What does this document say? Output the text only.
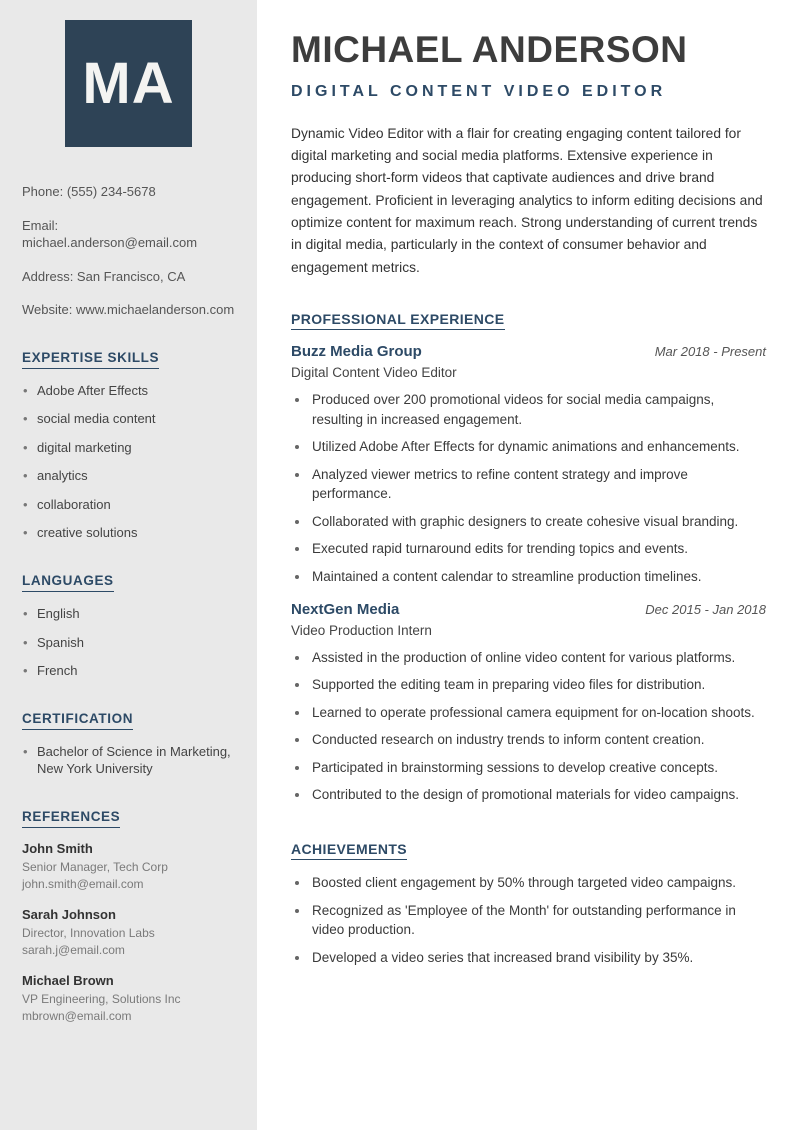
MA

Phone: (555) 234-5678

Email: michael.anderson@email.com

Address: San Francisco, CA

Website: www.michaelanderson.com

EXPERTISE SKILLS
• Adobe After Effects
• social media content
• digital marketing
• analytics
• collaboration
• creative solutions
LANGUAGES
• English
• Spanish
• French
CERTIFICATION
• Bachelor of Science in Marketing, New York University
REFERENCES

John Smith

Senior Manager, Tech Corp

john.smith@email.com

Sarah Johnson

Director, Innovation Labs

sarah.j@email.com

Michael Brown

VP Engineering, Solutions Inc

mbrown@email.com

MICHAEL ANDERSON
DIGITAL CONTENT VIDEO EDITOR

Dynamic Video Editor with a flair for creating engaging content tailored for digital marketing and social media platforms. Extensive experience in producing short-form videos that captivate audiences and drive brand engagement. Proficient in leveraging analytics to inform editing decisions and optimize content for maximum reach. Strong understanding of current trends in digital media, particularly in the context of consumer behavior and engagement metrics.

PROFESSIONAL EXPERIENCE
Buzz Media Group	Mar 2018 - Present

Digital Content Video Editor

• Produced over 200 promotional videos for social media campaigns, resulting in increased engagement.
• Utilized Adobe After Effects for dynamic animations and enhancements.
• Analyzed viewer metrics to refine content strategy and improve performance.
• Collaborated with graphic designers to create cohesive visual branding.
• Executed rapid turnaround edits for trending topics and events.
• Maintained a content calendar to streamline production timelines.
NextGen Media	Dec 2015 - Jan 2018

Video Production Intern

• Assisted in the production of online video content for various platforms.
• Supported the editing team in preparing video files for distribution.
• Learned to operate professional camera equipment for on-location shoots.
• Conducted research on industry trends to inform content creation.
• Participated in brainstorming sessions to develop creative concepts.
• Contributed to the design of promotional materials for video campaigns.
ACHIEVEMENTS
• Boosted client engagement by 50% through targeted video campaigns.
• Recognized as 'Employee of the Month' for outstanding performance in video production.
• Developed a video series that increased brand visibility by 35%.
